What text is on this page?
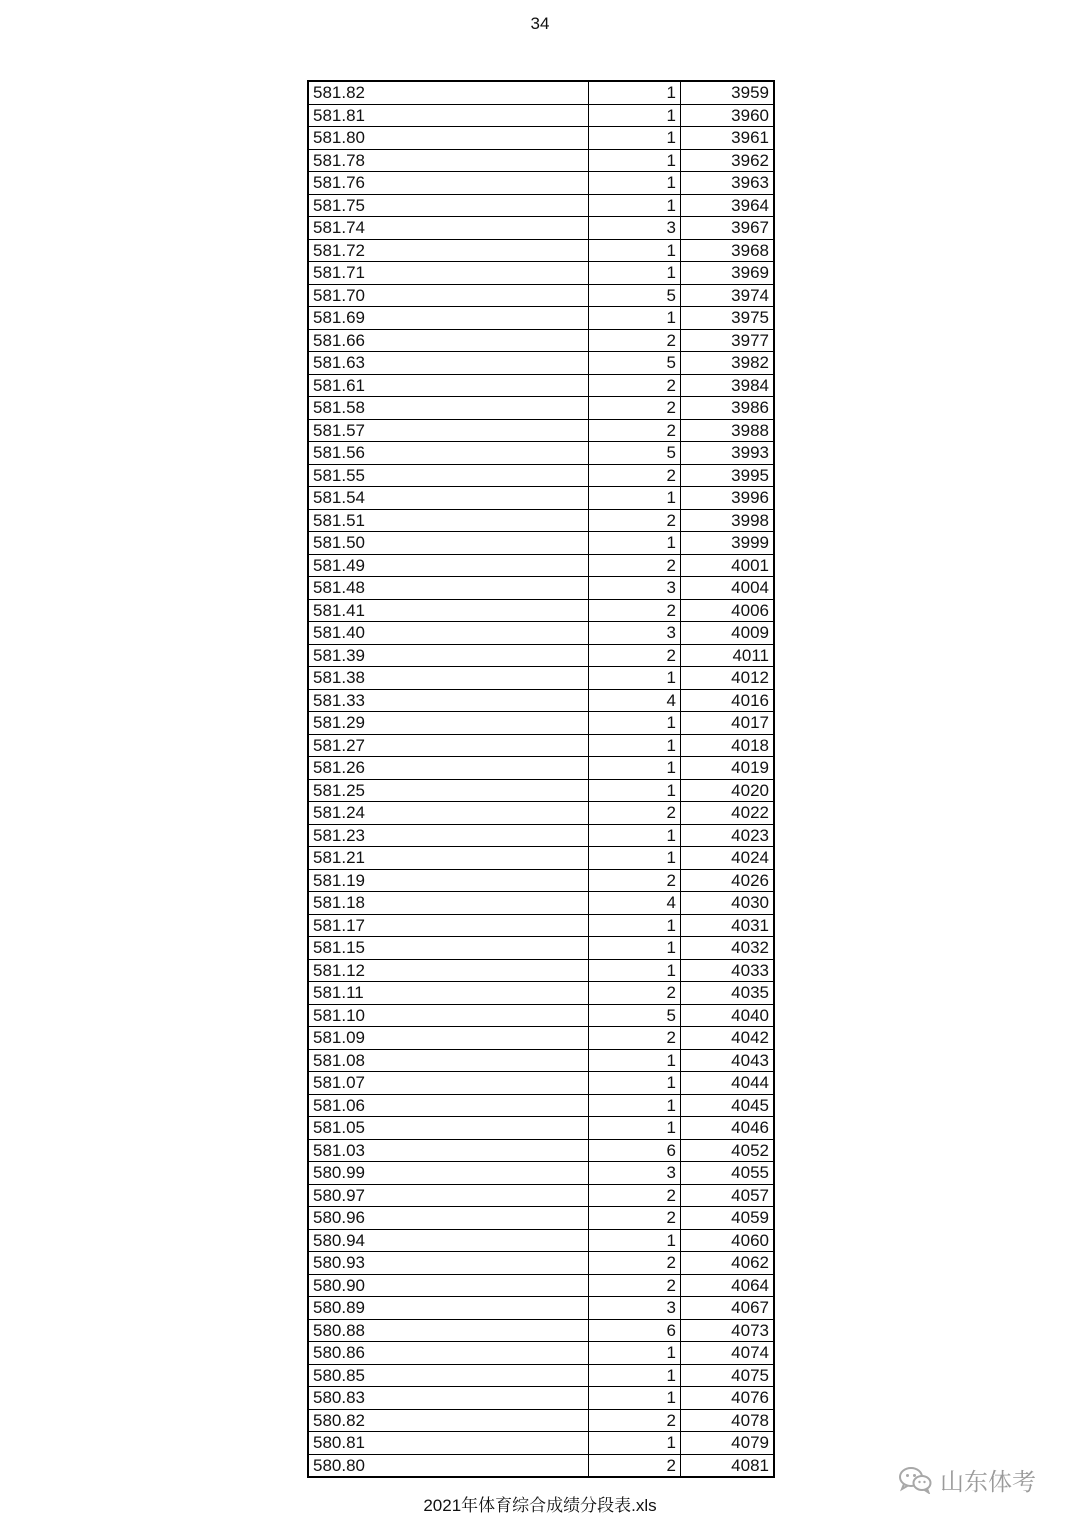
34
581.82	1	3959
581.81	1	3960
581.80	1	3961
581.78	1	3962
581.76	1	3963
581.75	1	3964
581.74	3	3967
581.72	1	3968
581.71	1	3969
581.70	5	3974
581.69	1	3975
581.66	2	3977
581.63	5	3982
581.61	2	3984
581.58	2	3986
581.57	2	3988
581.56	5	3993
581.55	2	3995
581.54	1	3996
581.51	2	3998
581.50	1	3999
581.49	2	4001
581.48	3	4004
581.41	2	4006
581.40	3	4009
581.39	2	4011
581.38	1	4012
581.33	4	4016
581.29	1	4017
581.27	1	4018
581.26	1	4019
581.25	1	4020
581.24	2	4022
581.23	1	4023
581.21	1	4024
581.19	2	4026
581.18	4	4030
581.17	1	4031
581.15	1	4032
581.12	1	4033
581.11	2	4035
581.10	5	4040
581.09	2	4042
581.08	1	4043
581.07	1	4044
581.06	1	4045
581.05	1	4046
581.03	6	4052
580.99	3	4055
580.97	2	4057
580.96	2	4059
580.94	1	4060
580.93	2	4062
580.90	2	4064
580.89	3	4067
580.88	6	4073
580.86	1	4074
580.85	1	4075
580.83	1	4076
580.82	2	4078
580.81	1	4079
580.80	2	4081
2021年体育综合成绩分段表.xls
山东体考
